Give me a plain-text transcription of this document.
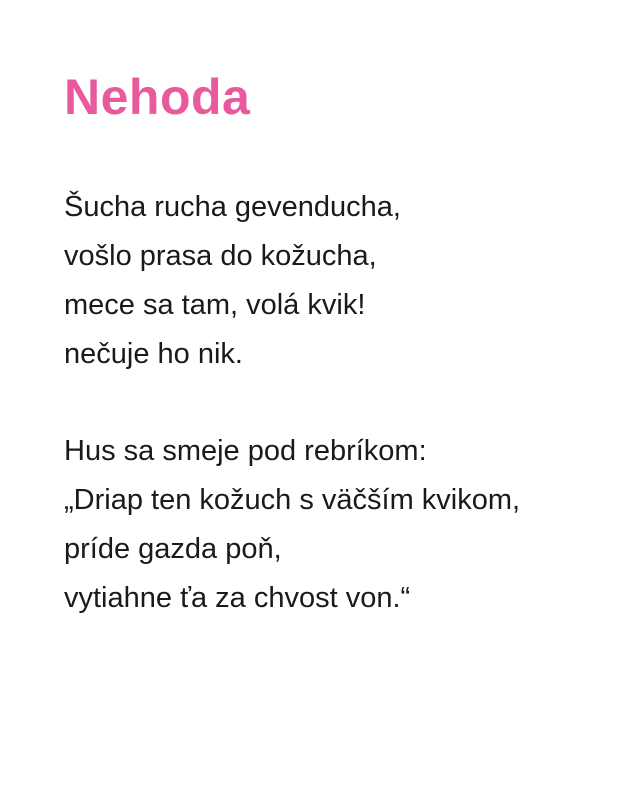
Nehoda
Šucha rucha gevenducha,
vošlo prasa do kožucha,
mece sa tam, volá kvik!
nečuje ho nik.
Hus sa smeje pod rebríkom:
„Driap ten kožuch s väčším kvikom,
príde gazda poň,
vytiahne ťa za chvost von.“
